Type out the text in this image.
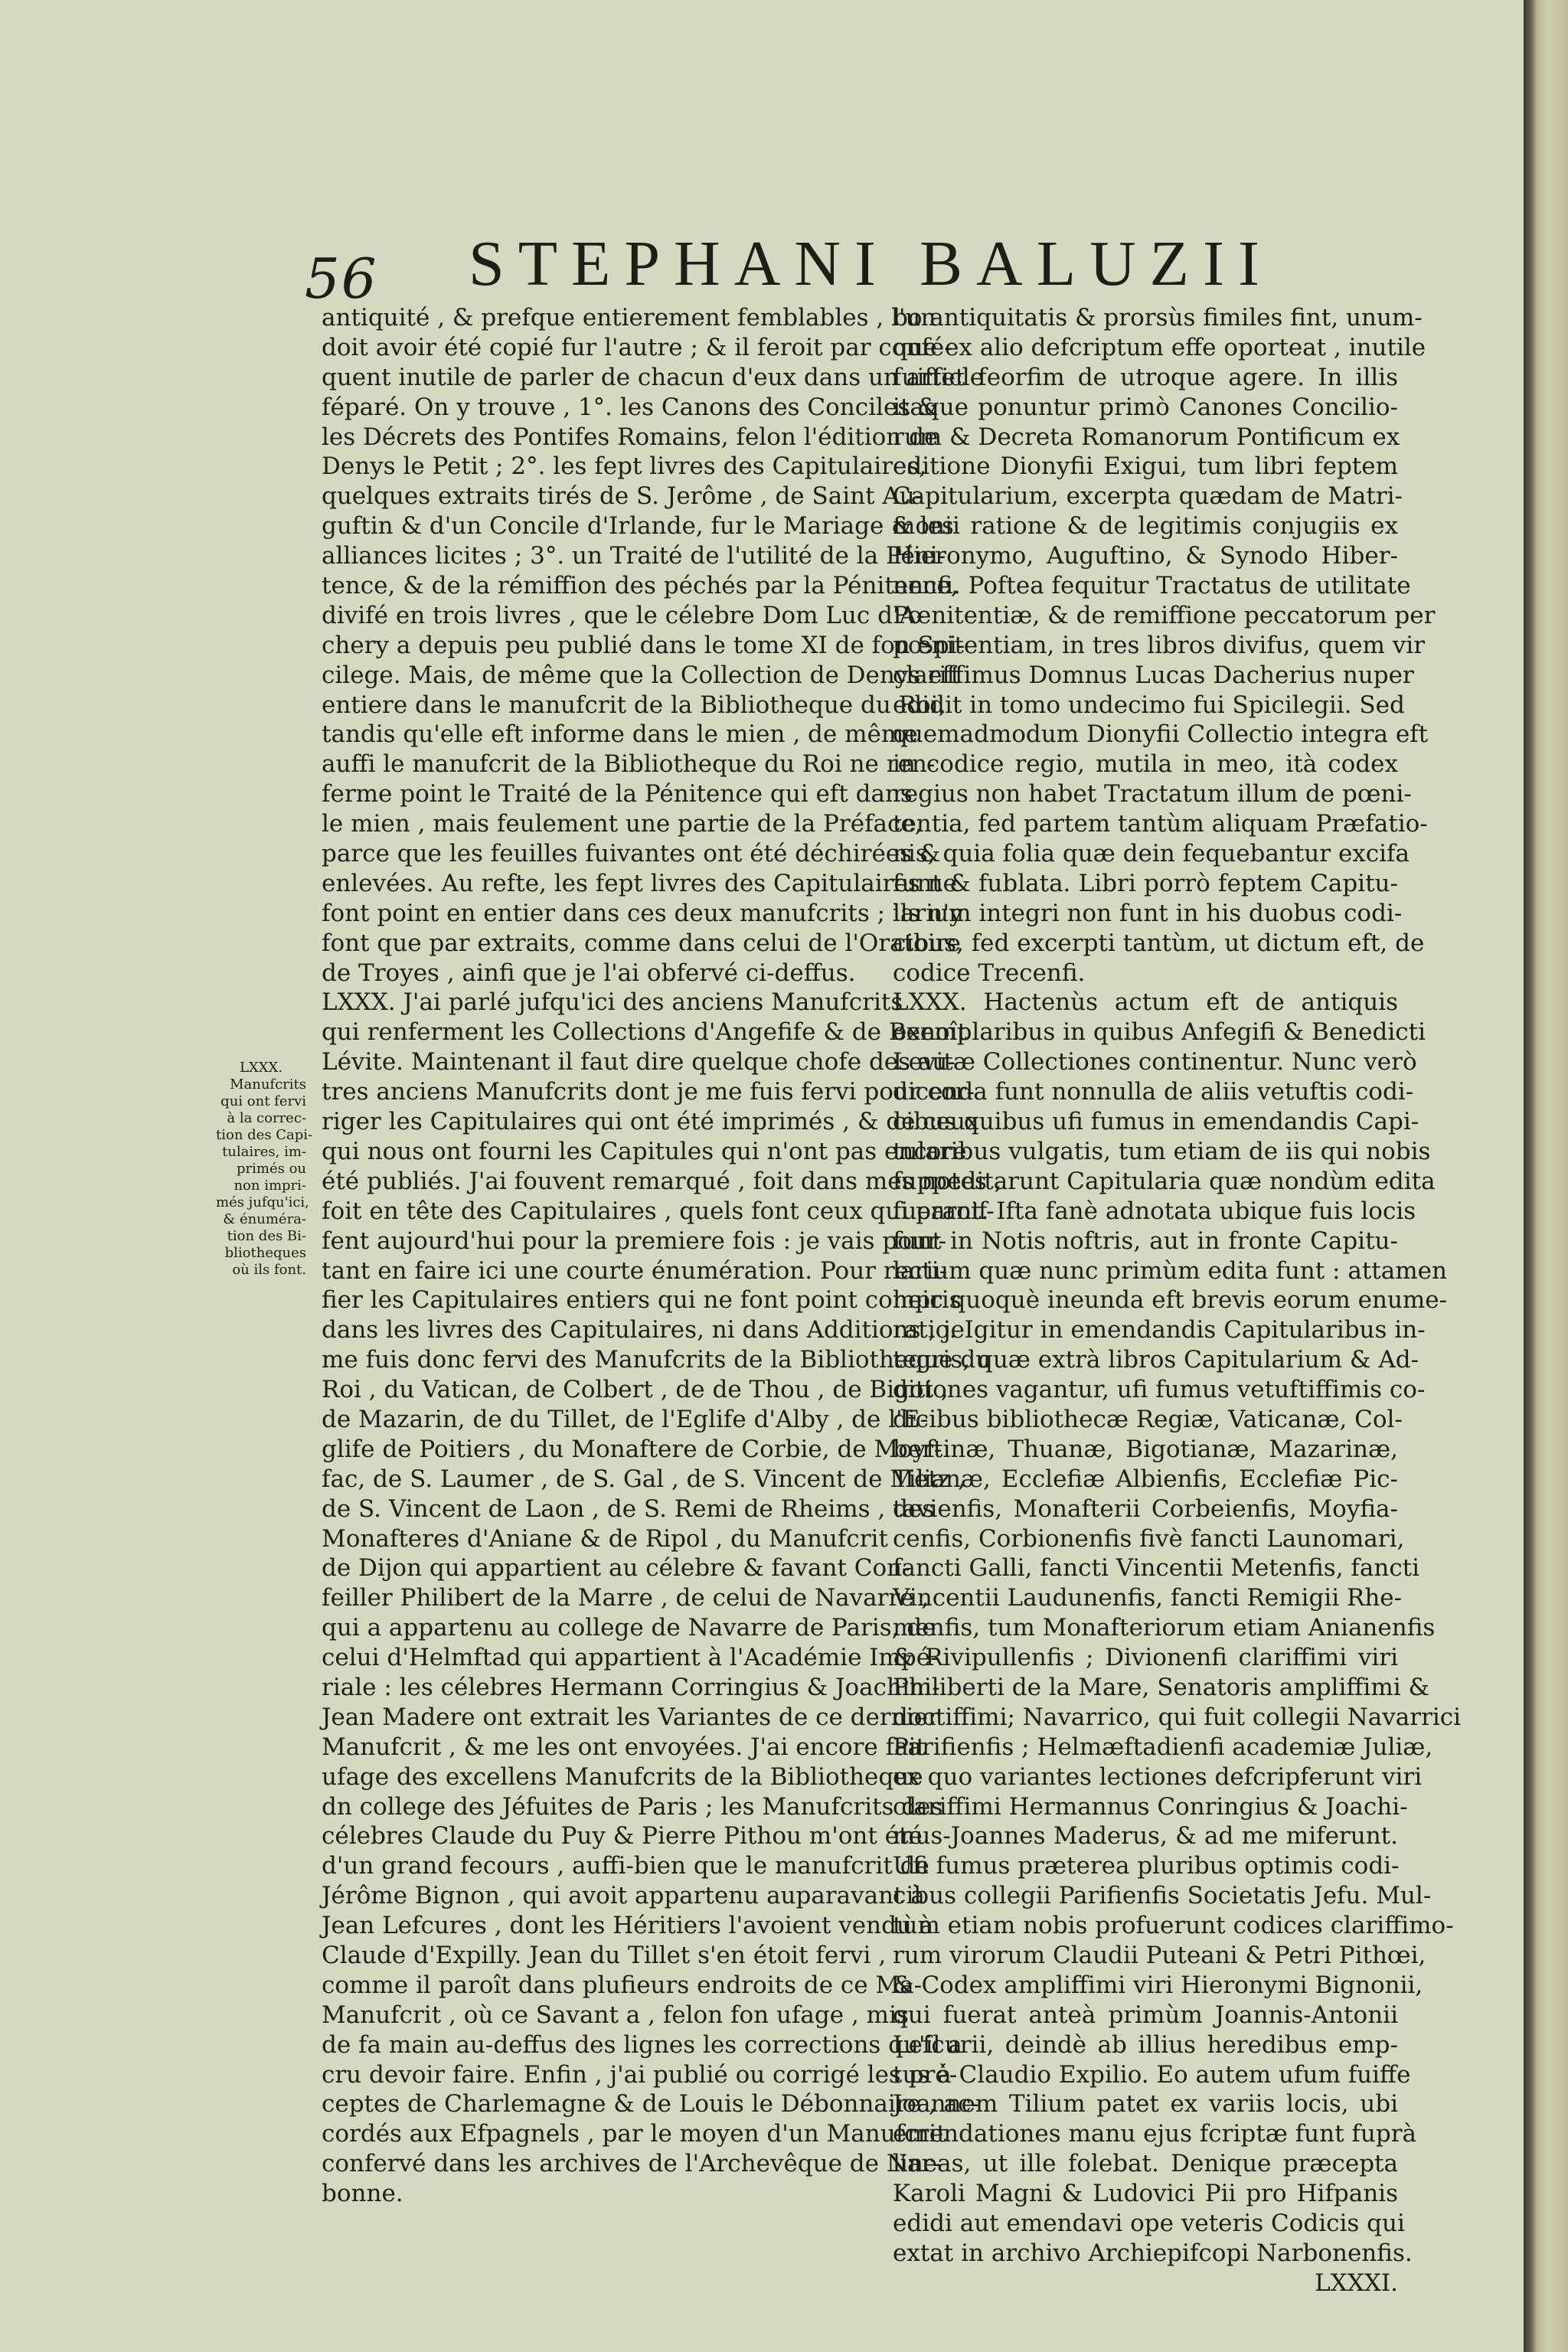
56 STEPHANI BALUZII
LXXX.
Manufcrits
qui ont fervi
à la correc-
tion des Capi-
tulaires, im-
primés ou
non impri-
més jufqu'ici,
& énuméra-
tion des Bi-
bliotheques
où ils font.
antiquité , & prefque entierement femblables , l'un
doit avoir été copié fur l'autre ; & il feroit par confé-
quent inutile de parler de chacun d'eux dans un article
féparé. On y trouve , 1°. les Canons des Conciles &
les Décrets des Pontifes Romains, felon l'édition de
Denys le Petit ; 2°. les fept livres des Capitulaires,
quelques extraits tirés de S. Jerôme , de Saint Au-
guftin & d'un Concile d'Irlande, fur le Mariage & les
alliances licites ; 3°. un Traité de l'utilité de la Péni-
tence, & de la rémiffion des péchés par la Pénitence,
divifé en trois livres , que le célebre Dom Luc d'A-
chery a depuis peu publié dans le tome XI de fon Spi-
cilege. Mais, de même que la Collection de Denys eft
entiere dans le manufcrit de la Bibliotheque du Roi,
tandis qu'elle eft informe dans le mien , de même
auffi le manufcrit de la Bibliotheque du Roi ne ren-
ferme point le Traité de la Pénitence qui eft dans
le mien , mais feulement une partie de la Préface,
parce que les feuilles fuivantes ont été déchirées &
enlevées. Au refte, les fept livres des Capitulaires ne
font point en entier dans ces deux manufcrits ; ils n'y
font que par extraits, comme dans celui de l'Oratoire
de Troyes , ainfi que je l'ai obfervé ci-deffus.
LXXX. J'ai parlé jufqu'ici des anciens Manufcrits
qui renferment les Collections d'Angefife & de Benoît
Lévite. Maintenant il faut dire quelque chofe des au-
tres anciens Manufcrits dont je me fuis fervi pour cor-
riger les Capitulaires qui ont été imprimés , & de ceux
qui nous ont fourni les Capitules qui n'ont pas encore
été publiés. J'ai fouvent remarqué , foit dans mes notes ,
foit en tête des Capitulaires , quels font ceux qui paroif-
fent aujourd'hui pour la premiere fois : je vais pour-
tant en faire ici une courte énumération. Pour recti-
fier les Capitulaires entiers qui ne font point compris
dans les livres des Capitulaires, ni dans Additions , je
me fuis donc fervi des Manufcrits de la Bibliotheque du
Roi , du Vatican, de Colbert , de de Thou , de Bigot ,
de Mazarin, de du Tillet, de l'Eglife d'Alby , de l'E-
glife de Poitiers , du Monaftere de Corbie, de Moyf-
fac, de S. Laumer , de S. Gal , de S. Vincent de Metz ,
de S. Vincent de Laon , de S. Remi de Rheims , des
Monafteres d'Aniane & de Ripol , du Manufcrit
de Dijon qui appartient au célebre & favant Con-
feiller Philibert de la Marre , de celui de Navarre ,
qui a appartenu au college de Navarre de Paris, de
celui d'Helmftad qui appartient à l'Académie Impé-
riale : les célebres Hermann Corringius & Joachim-
Jean Madere ont extrait les Variantes de ce dernier
Manufcrit , & me les ont envoyées. J'ai encore fait
ufage des excellens Manufcrits de la Bibliotheque
dn college des Jéfuites de Paris ; les Manufcrits des
célebres Claude du Puy & Pierre Pithou m'ont été
d'un grand fecours , auffi-bien que le manufcrit de
Jérôme Bignon , qui avoit appartenu auparavant à
Jean Lefcures , dont les Héritiers l'avoient vendu à
Claude d'Expilly. Jean du Tillet s'en étoit fervi ,
comme il paroît dans plufieurs endroits de ce Ma-
Manufcrit , où ce Savant a , felon fon ufage , mis
de fa main au-deffus des lignes les corrections qu'il a
cru devoir faire. Enfin , j'ai publié ou corrigé les pré-
ceptes de Charlemagne & de Louis le Débonnaire , ac-
cordés aux Efpagnels , par le moyen d'un Manufcrit
confervé dans les archives de l'Archevêque de Nar-
bonne.
bo antiquitatis & prorsùs fimiles fint, unum-
que ex alio defcriptum effe oporteat , inutile
fuiffet feorfim de utroque agere. In illis
itaque ponuntur primò Canones Concilio-
rum & Decreta Romanorum Pontificum ex
editione Dionyfii Exigui, tum libri feptem
Capitularium, excerpta quædam de Matri-
monii ratione & de legitimis conjugiis ex
Hieronymo, Auguftino, & Synodo Hiber-
nenfi. Poftea fequitur Tractatus de utilitate
Pœnitentiæ, & de remiffione peccatorum per
pœnitentiam, in tres libros divifus, quem vir
clariffimus Domnus Lucas Dacherius nuper
edidit in tomo undecimo fui Spicilegii. Sed
quemadmodum Dionyfii Collectio integra eft
in codice regio, mutila in meo, ità codex
regius non habet Tractatum illum de pœni-
tentia, fed partem tantùm aliquam Præfatio-
nis, quia folia quæ dein fequebantur excifa
funt & fublata. Libri porrò feptem Capitu-
larium integri non funt in his duobus codi-
cibus, fed excerpti tantùm, ut dictum eft, de
codice Trecenfi.
LXXX. Hactenùs actum eft de antiquis
exemplaribus in quibus Anfegifi & Benedicti
Levitæ Collectiones continentur. Nunc verò
dicenda funt nonnulla de aliis vetuftis codi-
cibus quibus ufi fumus in emendandis Capi-
tularibus vulgatis, tum etiam de iis qui nobis
fuppeditarunt Capitularia quæ nondùm edita
fuerant. Ifta fanè adnotata ubique fuis locis
funt in Notis noftris, aut in fronte Capitu-
larium quæ nunc primùm edita funt : attamen
heic quoquè ineunda eft brevis eorum enume-
ratio. Igitur in emendandis Capitularibus in-
tegris, quæ extrà libros Capitularium & Ad-
ditiones vagantur, ufi fumus vetuftiffimis co-
dicibus bibliothecæ Regiæ, Vaticanæ, Col-
bertinæ, Thuanæ, Bigotianæ, Mazarinæ,
Tilianæ, Ecclefiæ Albienfis, Ecclefiæ Pic-
tavienfis, Monafterii Corbeienfis, Moyfia-
cenfis, Corbionenfis fivè fancti Launomari,
fancti Galli, fancti Vincentii Metenfis, fancti
Vincentii Laudunenfis, fancti Remigii Rhe-
menfis, tum Monafteriorum etiam Anianenfis
& Rivipullenfis ; Divionenfi clariffimi viri
Philiberti de la Mare, Senatoris ampliffimi &
doctiffimi; Navarrico, qui fuit collegii Navarrici
Parifienfis ; Helmæftadienfi academiæ Juliæ,
ex quo variantes lectiones defcripferunt viri
clariffimi Hermannus Conringius & Joachi-
mus-Joannes Maderus, & ad me miferunt.
Ufi fumus præterea pluribus optimis codi-
cibus collegii Parifienfis Societatis Jefu. Mul-
tùm etiam nobis profuerunt codices clariffimo-
rum virorum Claudii Puteani & Petri Pithœi,
& Codex ampliffimi viri Hieronymi Bignonii,
qui fuerat anteà primùm Joannis-Antonii
Lefcurii, deindè ab illius heredibus emp-
tus à Claudio Expilio. Eo autem ufum fuiffe
Joannem Tilium patet ex variis locis, ubi
emendationes manu ejus fcriptæ funt fuprà
lineas, ut ille folebat. Denique præcepta
Karoli Magni & Ludovici Pii pro Hifpanis
edidi aut emendavi ope veteris Codicis qui
extat in archivo Archiepifcopi Narbonenfis.
LXXXI.
